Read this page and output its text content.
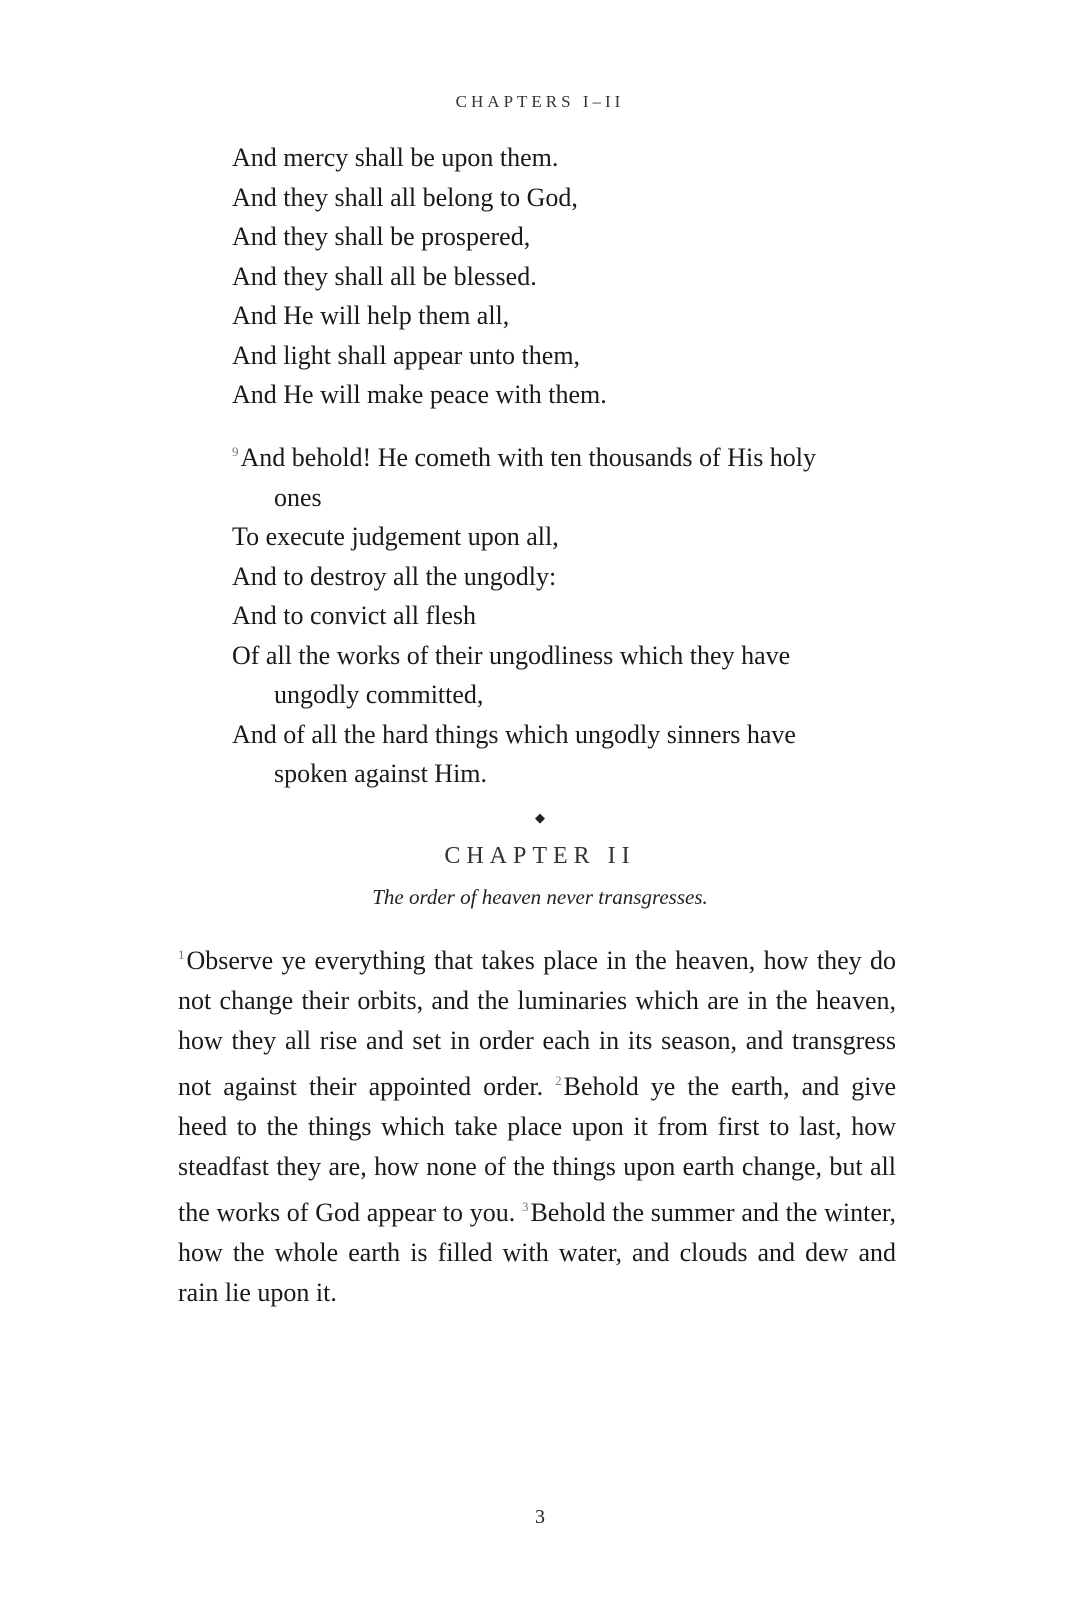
CHAPTERS I–II
And mercy shall be upon them.
And they shall all belong to God,
And they shall be prospered,
And they shall all be blessed.
And He will help them all,
And light shall appear unto them,
And He will make peace with them.
$^9$And behold! He cometh with ten thousands of His holy
ones
To execute judgement upon all,
And to destroy all the ungodly:
And to convict all flesh
Of all the works of their ungodliness which they have
ungodly committed,
And of all the hard things which ungodly sinners have
spoken against Him.
◆
CHAPTER II
The order of heaven never transgresses.
$^1$Observe ye everything that takes place in the heaven, how they do not change their orbits, and the luminaries which are in the heaven, how they all rise and set in order each in its season, and transgress not against their appointed order. $^2$Behold ye the earth, and give heed to the things which take place upon it from first to last, how steadfast they are, how none of the things upon earth change, but all the works of God appear to you. $^3$Behold the summer and the winter, how the whole earth is filled with water, and clouds and dew and rain lie upon it.
3
